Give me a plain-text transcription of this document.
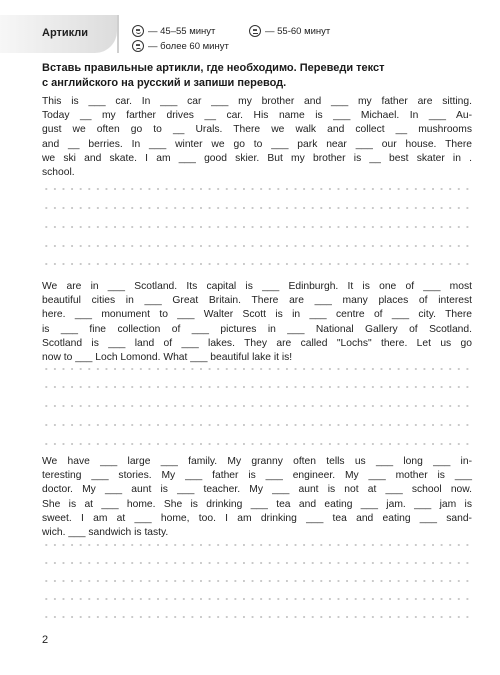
Артикли	— 45–55 минут	— 55-60 минут
— более 60 минут
Вставь правильные артикли, где необходимо. Переведи текст
с английского на русский и запиши перевод.
This is ___ car. In ___ car ___ my brother and ___ my father are sitting.
Today __ my farther drives __ car. His name is ___ Michael. In ___ Au-
gust we often go to __ Urals. There we walk and collect __ mushrooms
and __ berries. In ___ winter we go to ___ park near ___ our house. There
we ski and skate. I am ___ good skier. But my brother is __ best skater in .
school.
We are in ___ Scotland. Its capital is ___ Edinburgh. It is one of ___ most
beautiful cities in ___ Great Britain. There are ___ many places of interest
here. ___ monument to ___ Walter Scott is in ___ centre of ___ city. There
is ___ fine collection of ___ pictures in ___ National Gallery of Scotland.
Scotland is ___ land of ___ lakes. They are called "Lochs" there. Let us go
now to ___ Loch Lomond. What ___ beautiful lake it is!
We have ___ large ___ family. My granny often tells us ___ long ___ in-
teresting ___ stories. My ___ father is ___ engineer. My ___ mother is ___
doctor. My ___ aunt is ___ teacher. My ___ aunt is not at ___ school now.
She is at ___ home. She is drinking ___ tea and eating ___ jam. ___ jam is
sweet. I am at ___ home, too. I am drinking ___ tea and eating ___ sand-
wich. ___ sandwich is tasty.
2
